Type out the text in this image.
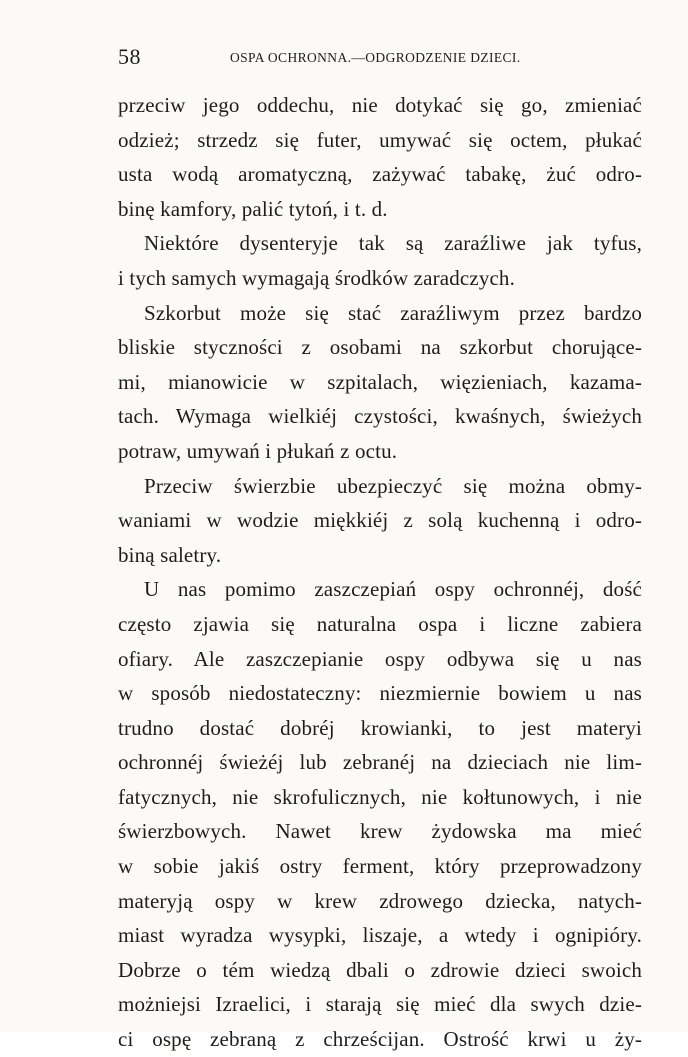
58	OSPA OCHRONNA.—ODGRODZENIE DZIECI.
przeciw jego oddechu, nie dotykać się go, zmieniać
odzież; strzedz się futer, umywać się octem, płukać
usta wodą aromatyczną, zażywać tabakę, żuć odro-
binę kamfory, palić tytoń, i t. d.
Niektóre dysenteryje tak są zaraźliwe jak tyfus,
i tych samych wymagają środków zaradczych.
Szkorbut może się stać zaraźliwym przez bardzo
bliskie styczności z osobami na szkorbut chorujące-
mi, mianowicie w szpitalach, więzieniach, kazama-
tach. Wymaga wielkiéj czystości, kwaśnych, świeżych
potraw, umywań i płukań z octu.
Przeciw świerzbie ubezpieczyć się można obmy-
waniami w wodzie miękkiéj z solą kuchenną i odro-
biną saletry.
U nas pomimo zaszczepiań ospy ochronnéj, dość
często zjawia się naturalna ospa i liczne zabiera
ofiary. Ale zaszczepianie ospy odbywa się u nas
w sposób niedostateczny: niezmiernie bowiem u nas
trudno dostać dobréj krowianki, to jest materyi
ochronnéj świeżéj lub zebranéj na dzieciach nie lim-
fatycznych, nie skrofulicznych, nie kołtunowych, i nie
świerzbowych. Nawet krew żydowska ma mieć
w sobie jakiś ostry ferment, który przeprowadzony
materyją ospy w krew zdrowego dziecka, natych-
miast wyradza wysypki, liszaje, a wtedy i ognipióry.
Dobrze o tém wiedzą dbali o zdrowie dzieci swoich
możniejsi Izraelici, i starają się mieć dla swych dzie-
ci ospę zebraną z chrześcijan. Ostrość krwi u ży-
